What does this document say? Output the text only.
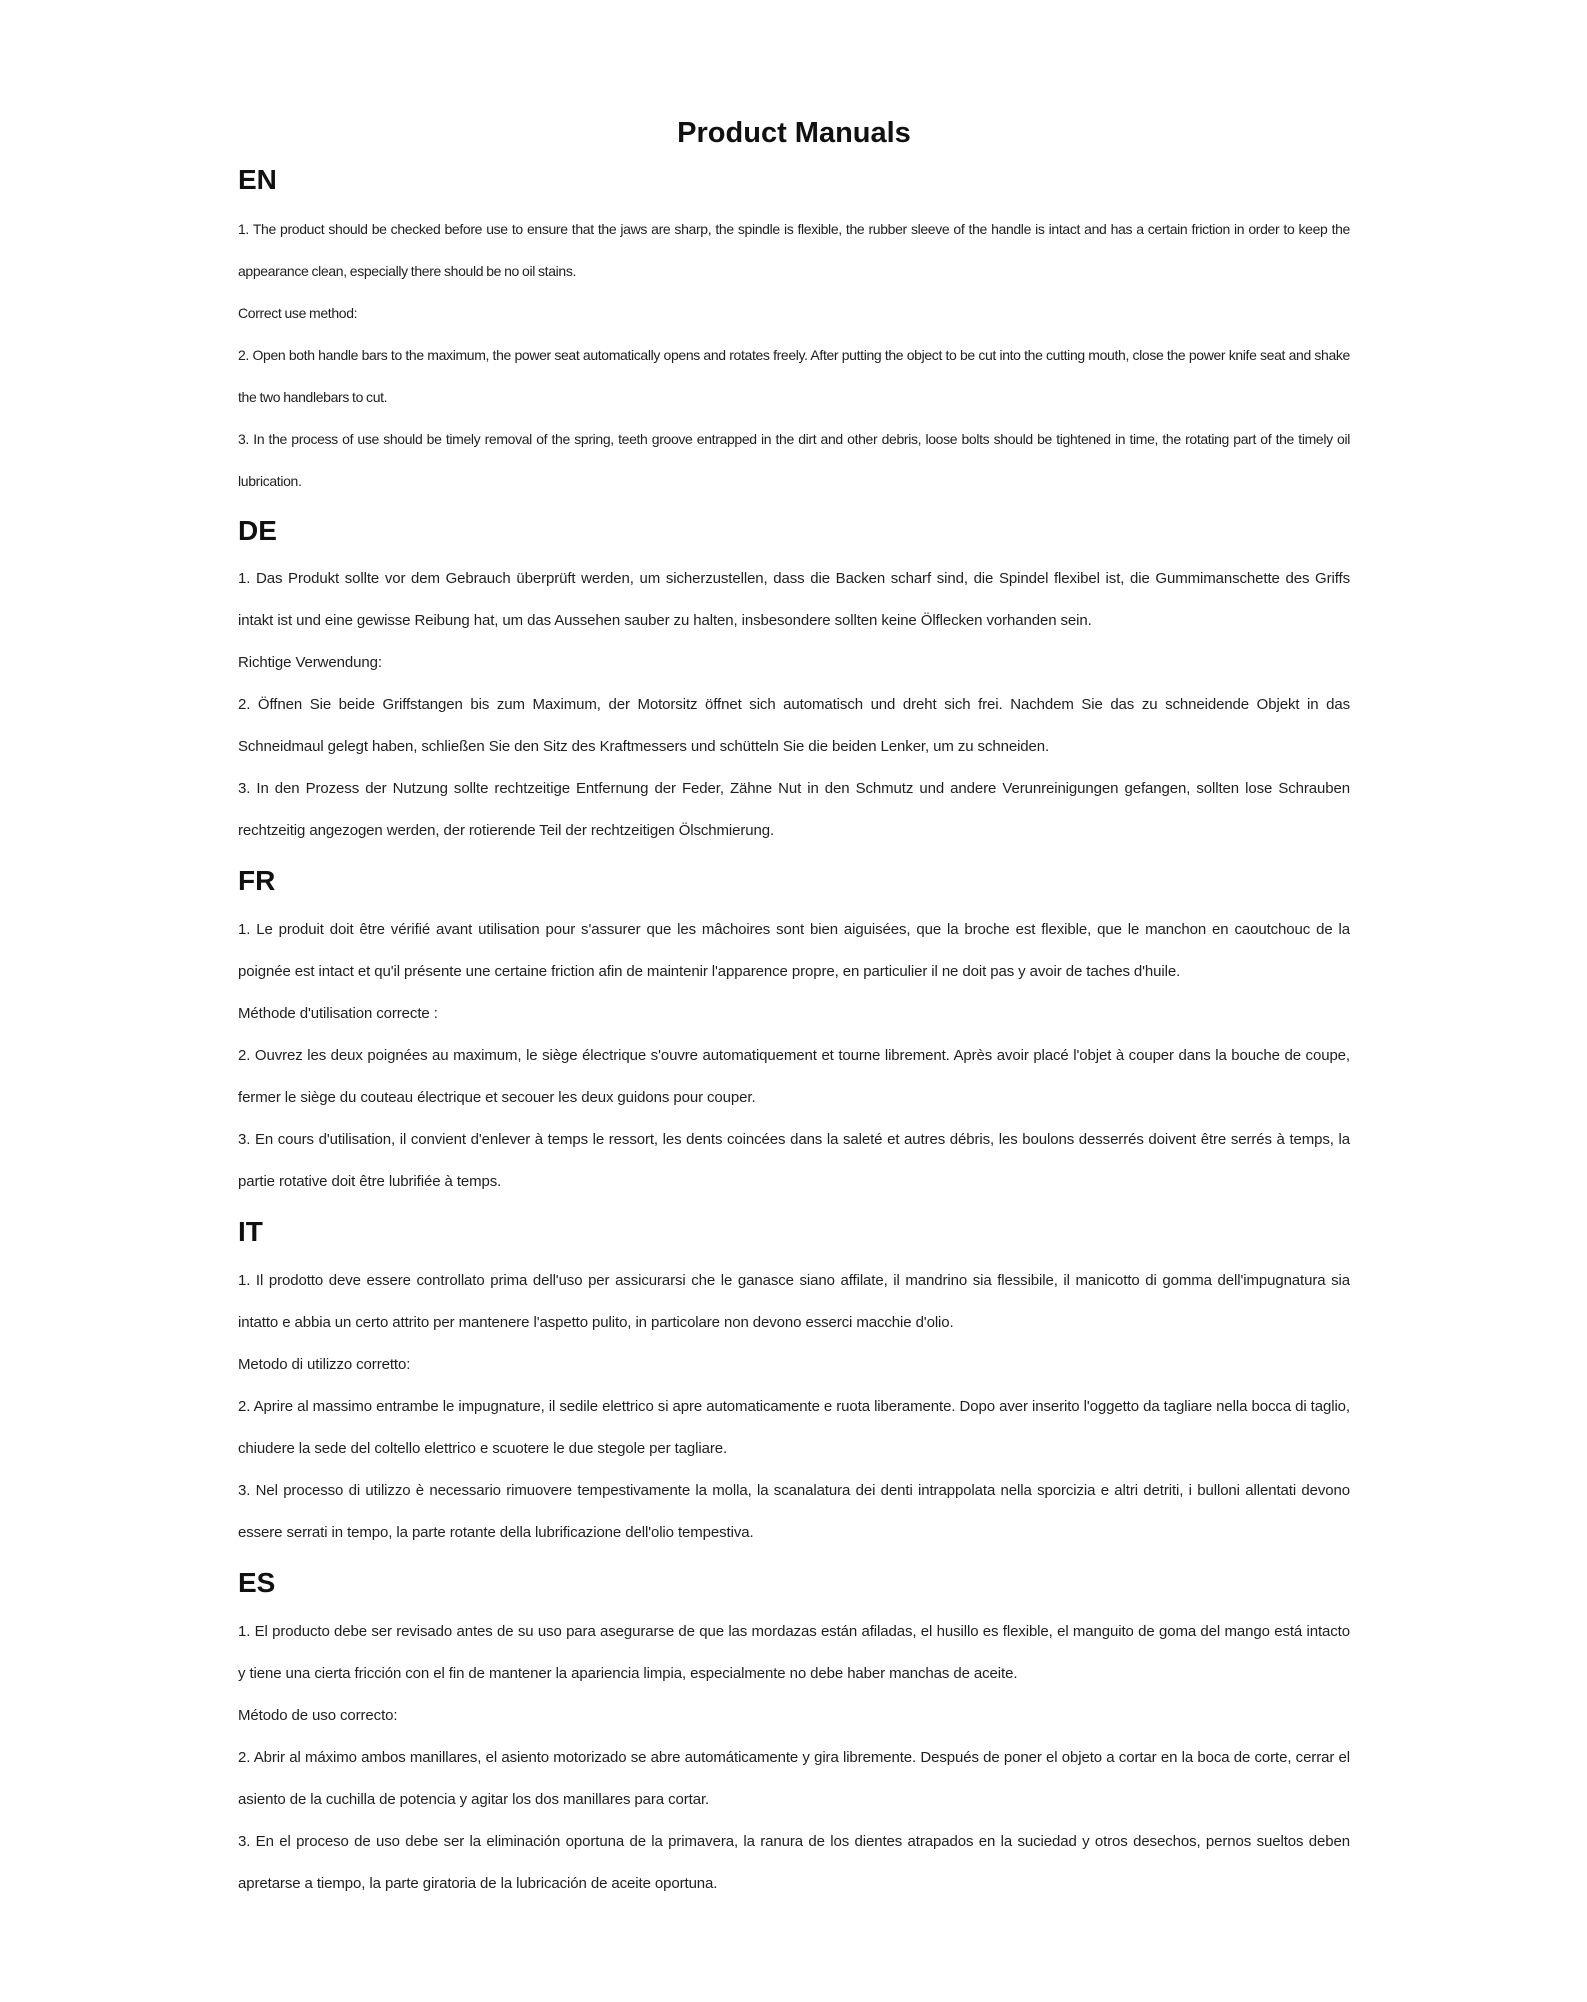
Product Manuals
EN

1. The product should be checked before use to ensure that the jaws are sharp, the spindle is flexible, the rubber sleeve of the handle is intact and has a certain friction in order to keep the appearance clean, especially there should be no oil stains.

Correct use method:

2. Open both handle bars to the maximum, the power seat automatically opens and rotates freely. After putting the object to be cut into the cutting mouth, close the power knife seat and shake the two handlebars to cut.

3. In the process of use should be timely removal of the spring, teeth groove entrapped in the dirt and other debris, loose bolts should be tightened in time, the rotating part of the timely oil lubrication.

DE

1. Das Produkt sollte vor dem Gebrauch überprüft werden, um sicherzustellen, dass die Backen scharf sind, die Spindel flexibel ist, die Gummimanschette des Griffs intakt ist und eine gewisse Reibung hat, um das Aussehen sauber zu halten, insbesondere sollten keine Ölflecken vorhanden sein.

Richtige Verwendung:

2. Öffnen Sie beide Griffstangen bis zum Maximum, der Motorsitz öffnet sich automatisch und dreht sich frei. Nachdem Sie das zu schneidende Objekt in das Schneidmaul gelegt haben, schließen Sie den Sitz des Kraftmessers und schütteln Sie die beiden Lenker, um zu schneiden.

3. In den Prozess der Nutzung sollte rechtzeitige Entfernung der Feder, Zähne Nut in den Schmutz und andere Verunreinigungen gefangen, sollten lose Schrauben rechtzeitig angezogen werden, der rotierende Teil der rechtzeitigen Ölschmierung.

FR

1. Le produit doit être vérifié avant utilisation pour s'assurer que les mâchoires sont bien aiguisées, que la broche est flexible, que le manchon en caoutchouc de la poignée est intact et qu'il présente une certaine friction afin de maintenir l'apparence propre, en particulier il ne doit pas y avoir de taches d'huile.

Méthode d'utilisation correcte :

2. Ouvrez les deux poignées au maximum, le siège électrique s'ouvre automatiquement et tourne librement. Après avoir placé l'objet à couper dans la bouche de coupe, fermer le siège du couteau électrique et secouer les deux guidons pour couper.

3. En cours d'utilisation, il convient d'enlever à temps le ressort, les dents coincées dans la saleté et autres débris, les boulons desserrés doivent être serrés à temps, la partie rotative doit être lubrifiée à temps.

IT

1. Il prodotto deve essere controllato prima dell'uso per assicurarsi che le ganasce siano affilate, il mandrino sia flessibile, il manicotto di gomma dell'impugnatura sia intatto e abbia un certo attrito per mantenere l'aspetto pulito, in particolare non devono esserci macchie d'olio.

Metodo di utilizzo corretto:

2. Aprire al massimo entrambe le impugnature, il sedile elettrico si apre automaticamente e ruota liberamente. Dopo aver inserito l'oggetto da tagliare nella bocca di taglio, chiudere la sede del coltello elettrico e scuotere le due stegole per tagliare.

3. Nel processo di utilizzo è necessario rimuovere tempestivamente la molla, la scanalatura dei denti intrappolata nella sporcizia e altri detriti, i bulloni allentati devono essere serrati in tempo, la parte rotante della lubrificazione dell'olio tempestiva.

ES

1. El producto debe ser revisado antes de su uso para asegurarse de que las mordazas están afiladas, el husillo es flexible, el manguito de goma del mango está intacto y tiene una cierta fricción con el fin de mantener la apariencia limpia, especialmente no debe haber manchas de aceite.

Método de uso correcto:

2. Abrir al máximo ambos manillares, el asiento motorizado se abre automáticamente y gira libremente. Después de poner el objeto a cortar en la boca de corte, cerrar el asiento de la cuchilla de potencia y agitar los dos manillares para cortar.

3. En el proceso de uso debe ser la eliminación oportuna de la primavera, la ranura de los dientes atrapados en la suciedad y otros desechos, pernos sueltos deben apretarse a tiempo, la parte giratoria de la lubricación de aceite oportuna.
